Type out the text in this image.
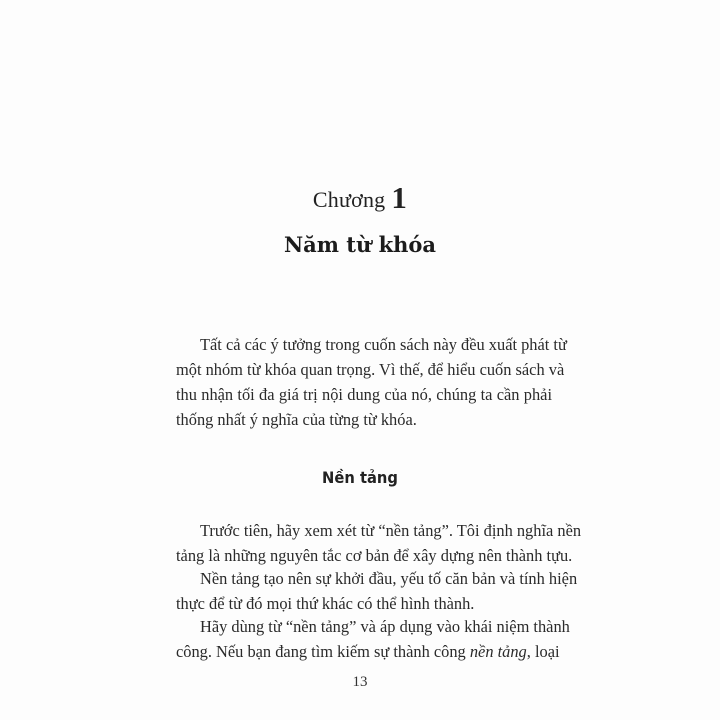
Chương 1
Năm từ khóa
Tất cả các ý tưởng trong cuốn sách này đều xuất phát từ
một nhóm từ khóa quan trọng. Vì thế, để hiểu cuốn sách và
thu nhận tối đa giá trị nội dung của nó, chúng ta cần phải
thống nhất ý nghĩa của từng từ khóa.
Nền tảng
Trước tiên, hãy xem xét từ “nền tảng”. Tôi định nghĩa nền
tảng là những nguyên tắc cơ bản để xây dựng nên thành tựu.
Nền tảng tạo nên sự khởi đầu, yếu tố căn bản và tính hiện
thực để từ đó mọi thứ khác có thể hình thành.
Hãy dùng từ “nền tảng” và áp dụng vào khái niệm thành
công. Nếu bạn đang tìm kiếm sự thành công nền tảng, loại
13
